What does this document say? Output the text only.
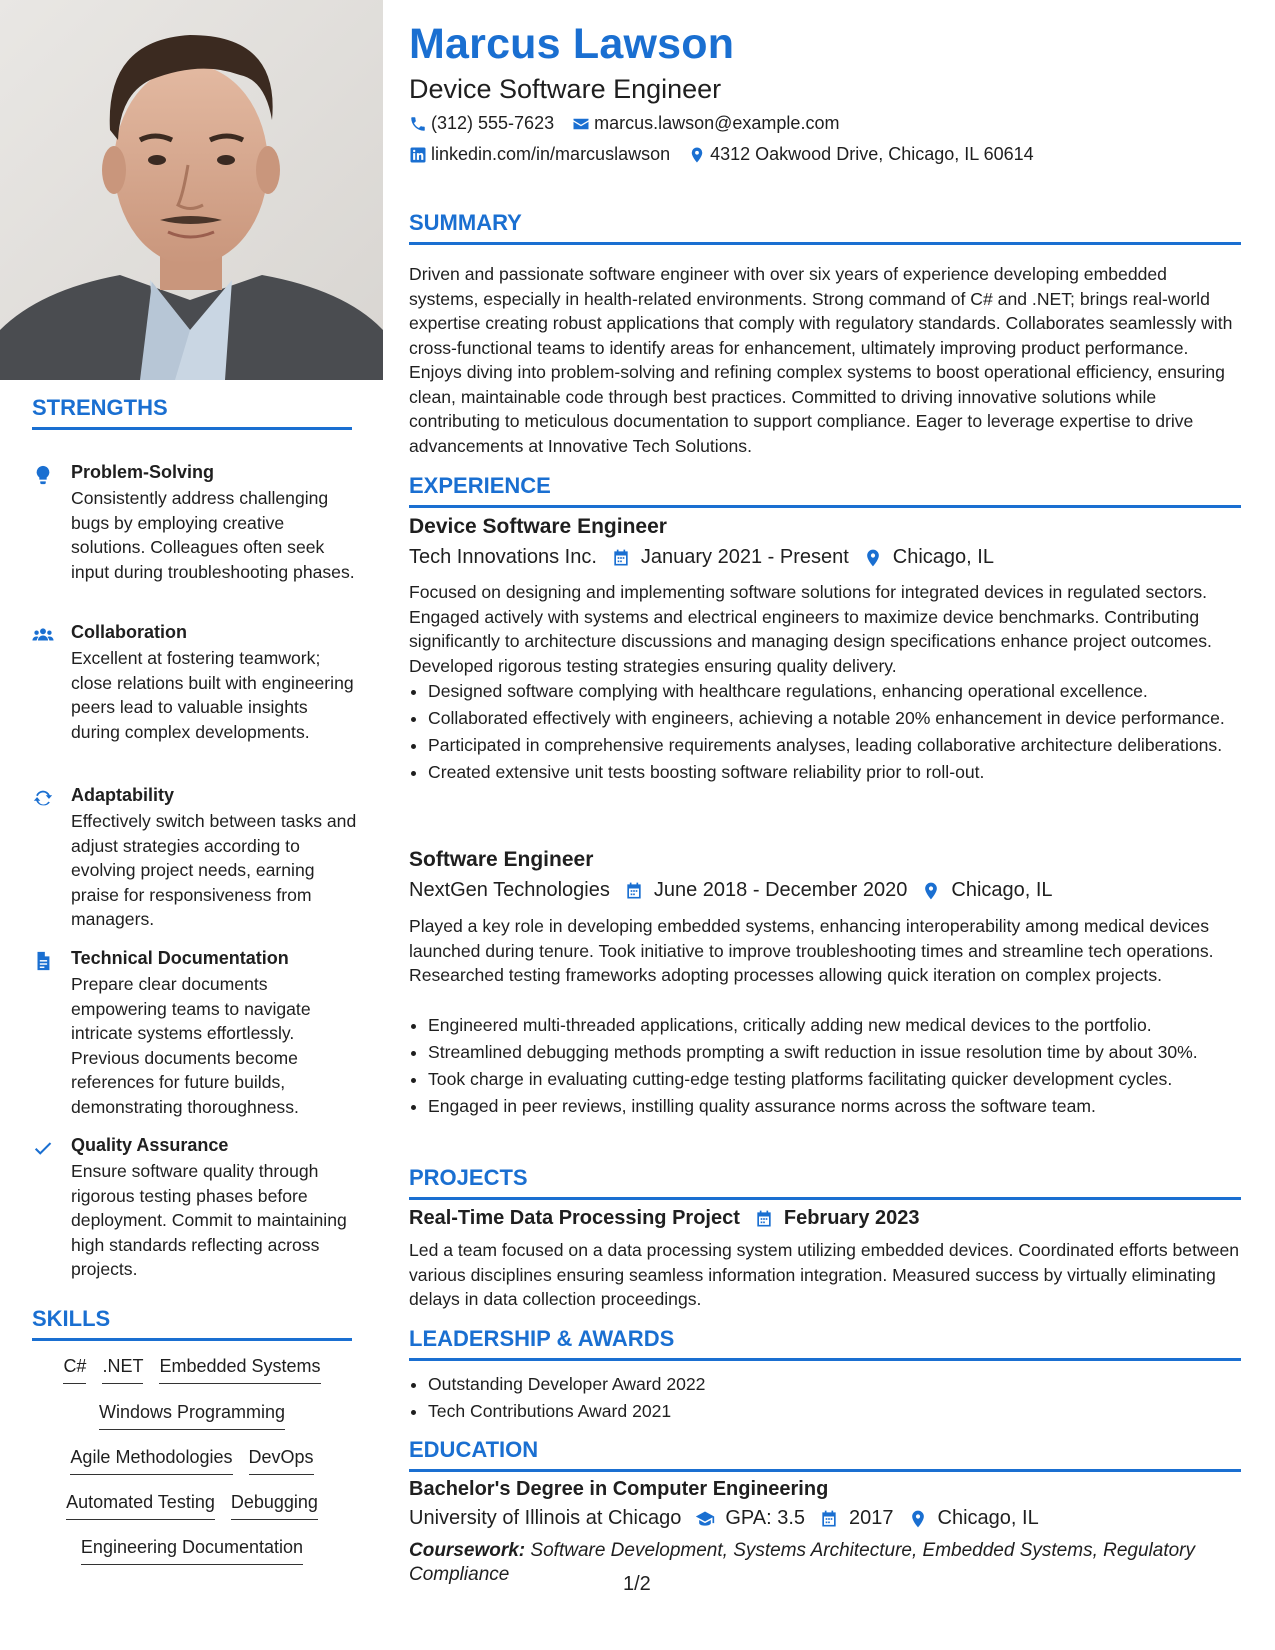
STRENGTHS
Problem-Solving

Consistently address challenging bugs by employing creative solutions. Colleagues often seek input during troubleshooting phases.

Collaboration

Excellent at fostering teamwork; close relations built with engineering peers lead to valuable insights during complex developments.

Adaptability

Effectively switch between tasks and adjust strategies according to evolving project needs, earning praise for responsiveness from managers.

Technical Documentation

Prepare clear documents empowering teams to navigate intricate systems effortlessly. Previous documents become references for future builds, demonstrating thoroughness.

Quality Assurance

Ensure software quality through rigorous testing phases before deployment. Commit to maintaining high standards reflecting across projects.

SKILLS
C# .NET Embedded Systems
Windows Programming
Agile Methodologies DevOps
Automated Testing Debugging
Engineering Documentation
Marcus Lawson
Device Software Engineer
(312) 555-7623 marcus.lawson@example.com
linkedin.com/in/marcuslawson 4312 Oakwood Drive, Chicago, IL 60614
SUMMARY

Driven and passionate software engineer with over six years of experience developing embedded systems, especially in health-related environments. Strong command of C# and .NET; brings real-world expertise creating robust applications that comply with regulatory standards. Collaborates seamlessly with cross-functional teams to identify areas for enhancement, ultimately improving product performance. Enjoys diving into problem-solving and refining complex systems to boost operational efficiency, ensuring clean, maintainable code through best practices. Committed to driving innovative solutions while contributing to meticulous documentation to support compliance. Eager to leverage expertise to drive advancements at Innovative Tech Solutions.

EXPERIENCE
Device Software Engineer
Tech Innovations Inc. January 2021 - Present Chicago, IL

Focused on designing and implementing software solutions for integrated devices in regulated sectors. Engaged actively with systems and electrical engineers to maximize device benchmarks. Contributing significantly to architecture discussions and managing design specifications enhance project outcomes. Developed rigorous testing strategies ensuring quality delivery.

• Designed software complying with healthcare regulations, enhancing operational excellence.
• Collaborated effectively with engineers, achieving a notable 20% enhancement in device performance.
• Participated in comprehensive requirements analyses, leading collaborative architecture deliberations.
• Created extensive unit tests boosting software reliability prior to roll-out.
Software Engineer
NextGen Technologies June 2018 - December 2020 Chicago, IL

Played a key role in developing embedded systems, enhancing interoperability among medical devices launched during tenure. Took initiative to improve troubleshooting times and streamline tech operations. Researched testing frameworks adopting processes allowing quick iteration on complex projects.

• Engineered multi-threaded applications, critically adding new medical devices to the portfolio.
• Streamlined debugging methods prompting a swift reduction in issue resolution time by about 30%.
• Took charge in evaluating cutting-edge testing platforms facilitating quicker development cycles.
• Engaged in peer reviews, instilling quality assurance norms across the software team.
PROJECTS
Real-Time Data Processing Project February 2023

Led a team focused on a data processing system utilizing embedded devices. Coordinated efforts between various disciplines ensuring seamless information integration. Measured success by virtually eliminating delays in data collection proceedings.

LEADERSHIP & AWARDS
• Outstanding Developer Award 2022
• Tech Contributions Award 2021
EDUCATION
Bachelor's Degree in Computer Engineering
University of Illinois at Chicago GPA: 3.5 2017 Chicago, IL

Coursework: Software Development, Systems Architecture, Embedded Systems, Regulatory Compliance	1/2
